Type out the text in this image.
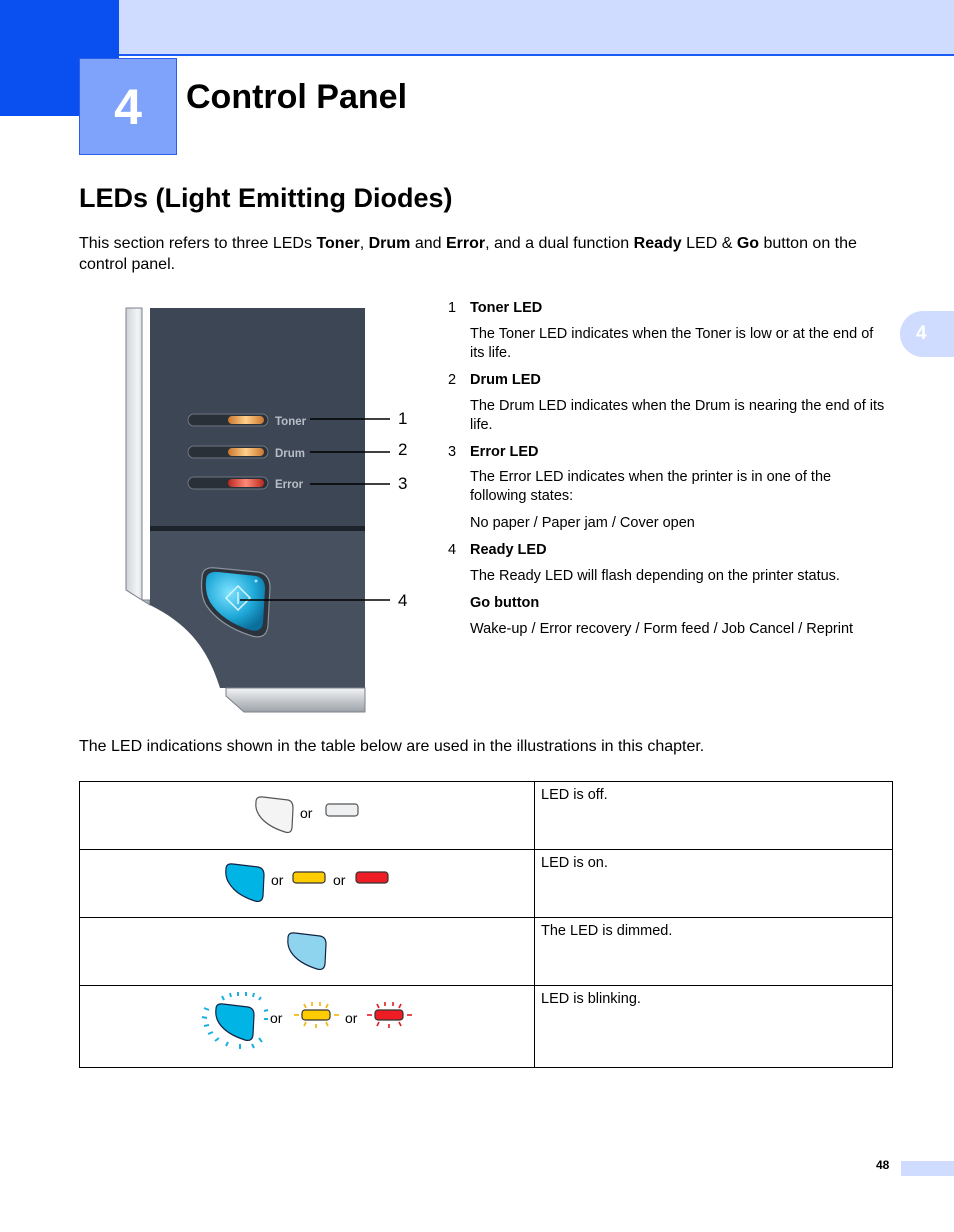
4	Control Panel
4
LEDs (Light Emitting Diodes)
This section refers to three LEDs Toner, Drum and Error, and a dual function Ready LED & Go button on the control panel.
Toner
Drum
Error
1
2
3
4
1 Toner LED
The Toner LED indicates when the Toner is low or at the end of its life.
2 Drum LED
The Drum LED indicates when the Drum is nearing the end of its life.
3 Error LED
The Error LED indicates when the printer is in one of the following states:
No paper / Paper jam / Cover open
4 Ready LED
The Ready LED will flash depending on the printer status.
Go button
Wake-up / Error recovery / Form feed / Job Cancel / Reprint
The LED indications shown in the table below are used in the illustrations in this chapter.
or	LED is off.

or or	LED is on.
	The LED is dimmed.

or or	LED is blinking.
48
